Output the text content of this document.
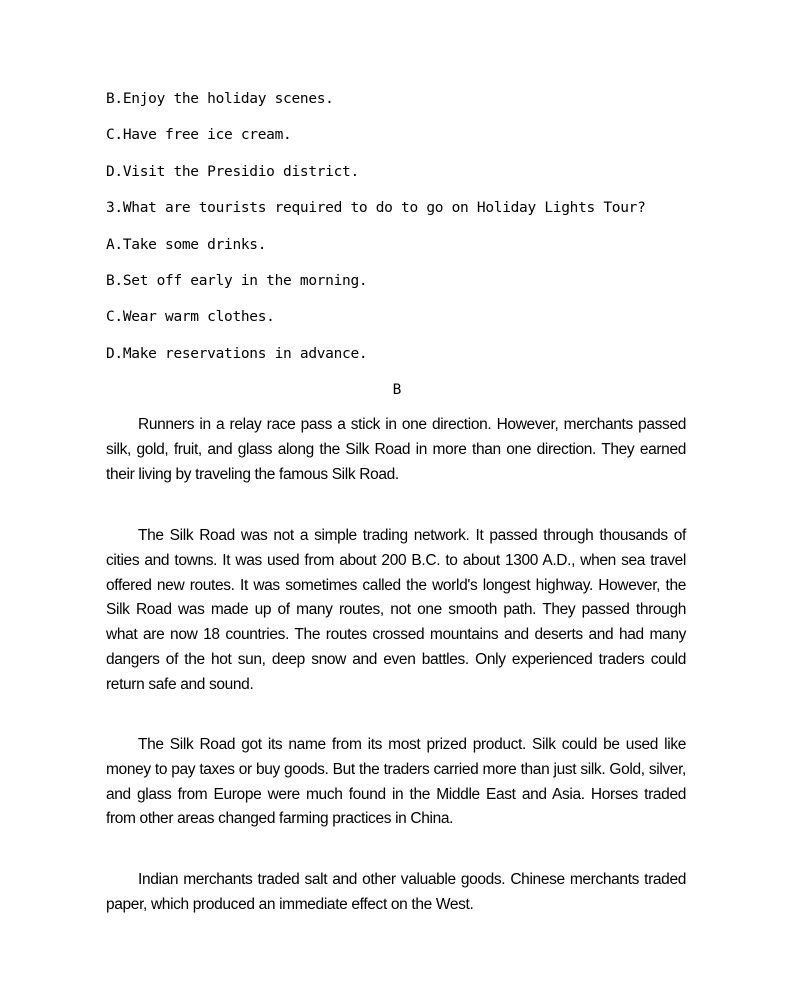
B.Enjoy the holiday scenes.
C.Have free ice cream.
D.Visit the Presidio district.
3.What are tourists required to do to go on Holiday Lights Tour?
A.Take some drinks.
B.Set off early in the morning.
C.Wear warm clothes.
D.Make reservations in advance.
B

Runners in a relay race pass a stick in one direction. However, merchants passed silk, gold, fruit, and glass along the Silk Road in more than one direction. They earned their living by traveling the famous Silk Road.

The Silk Road was not a simple trading network. It passed through thousands of cities and towns. It was used from about 200 B.C. to about 1300 A.D., when sea travel offered new routes. It was sometimes called the world's longest highway. However, the Silk Road was made up of many routes, not one smooth path. They passed through what are now 18 countries. The routes crossed mountains and deserts and had many dangers of the hot sun, deep snow and even battles. Only experienced traders could return safe and sound.

The Silk Road got its name from its most prized product. Silk could be used like money to pay taxes or buy goods. But the traders carried more than just silk. Gold, silver, and glass from Europe were much found in the Middle East and Asia. Horses traded from other areas changed farming practices in China.

Indian merchants traded salt and other valuable goods. Chinese merchants traded paper, which produced an immediate effect on the West.
